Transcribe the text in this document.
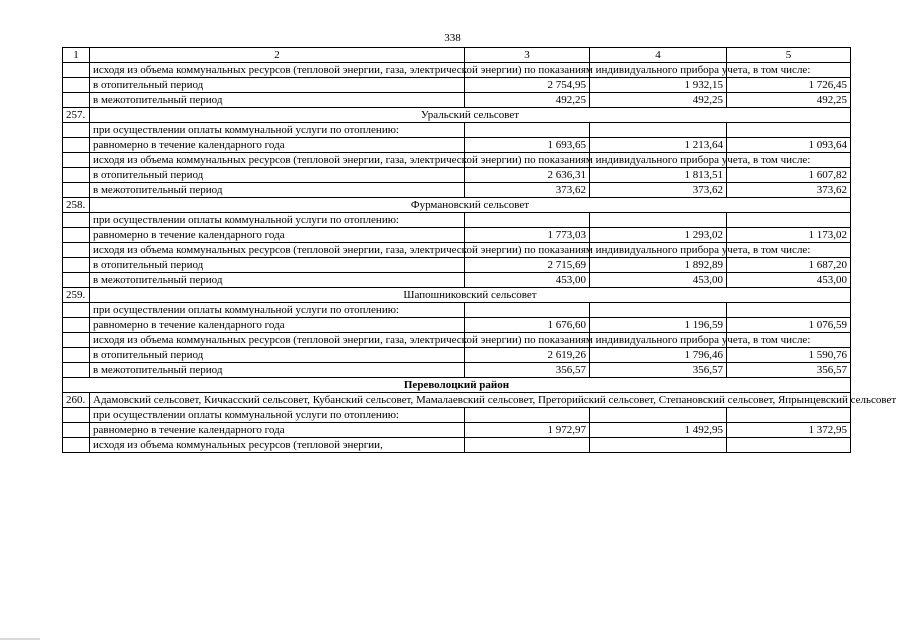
338
1	2	3	4	5
	исходя из объема коммунальных ресурсов (тепловой энергии, газа, электрической энергии) по показаниям индивидуального прибора учета, в том числе:			
	в отопительный период	2 754,95	1 932,15	1 726,45
	в межотопительный период	492,25	492,25	492,25
257.	Уральский сельсовет			
	при осуществлении оплаты коммунальной услуги по отоплению:			
	равномерно в течение календарного года	1 693,65	1 213,64	1 093,64
	исходя из объема коммунальных ресурсов (тепловой энергии, газа, электрической энергии) по показаниям индивидуального прибора учета, в том числе:			
	в отопительный период	2 636,31	1 813,51	1 607,82
	в межотопительный период	373,62	373,62	373,62
258.	Фурмановский сельсовет			
	при осуществлении оплаты коммунальной услуги по отоплению:			
	равномерно в течение календарного года	1 773,03	1 293,02	1 173,02
	исходя из объема коммунальных ресурсов (тепловой энергии, газа, электрической энергии) по показаниям индивидуального прибора учета, в том числе:			
	в отопительный период	2 715,69	1 892,89	1 687,20
	в межотопительный период	453,00	453,00	453,00
259.	Шапошниковский сельсовет			
	при осуществлении оплаты коммунальной услуги по отоплению:			
	равномерно в течение календарного года	1 676,60	1 196,59	1 076,59
	исходя из объема коммунальных ресурсов (тепловой энергии, газа, электрической энергии) по показаниям индивидуального прибора учета, в том числе:			
	в отопительный период	2 619,26	1 796,46	1 590,76
	в межотопительный период	356,57	356,57	356,57
Переволоцкий район				
260.	Адамовский сельсовет, Кичкасский сельсовет, Кубанский сельсовет, Мамалаевский сельсовет, Преторийский сельсовет, Степановский сельсовет, Япрынцевский сельсовет			
	при осуществлении оплаты коммунальной услуги по отоплению:			
	равномерно в течение календарного года	1 972,97	1 492,95	1 372,95
	исходя из объема коммунальных ресурсов (тепловой энергии,			
